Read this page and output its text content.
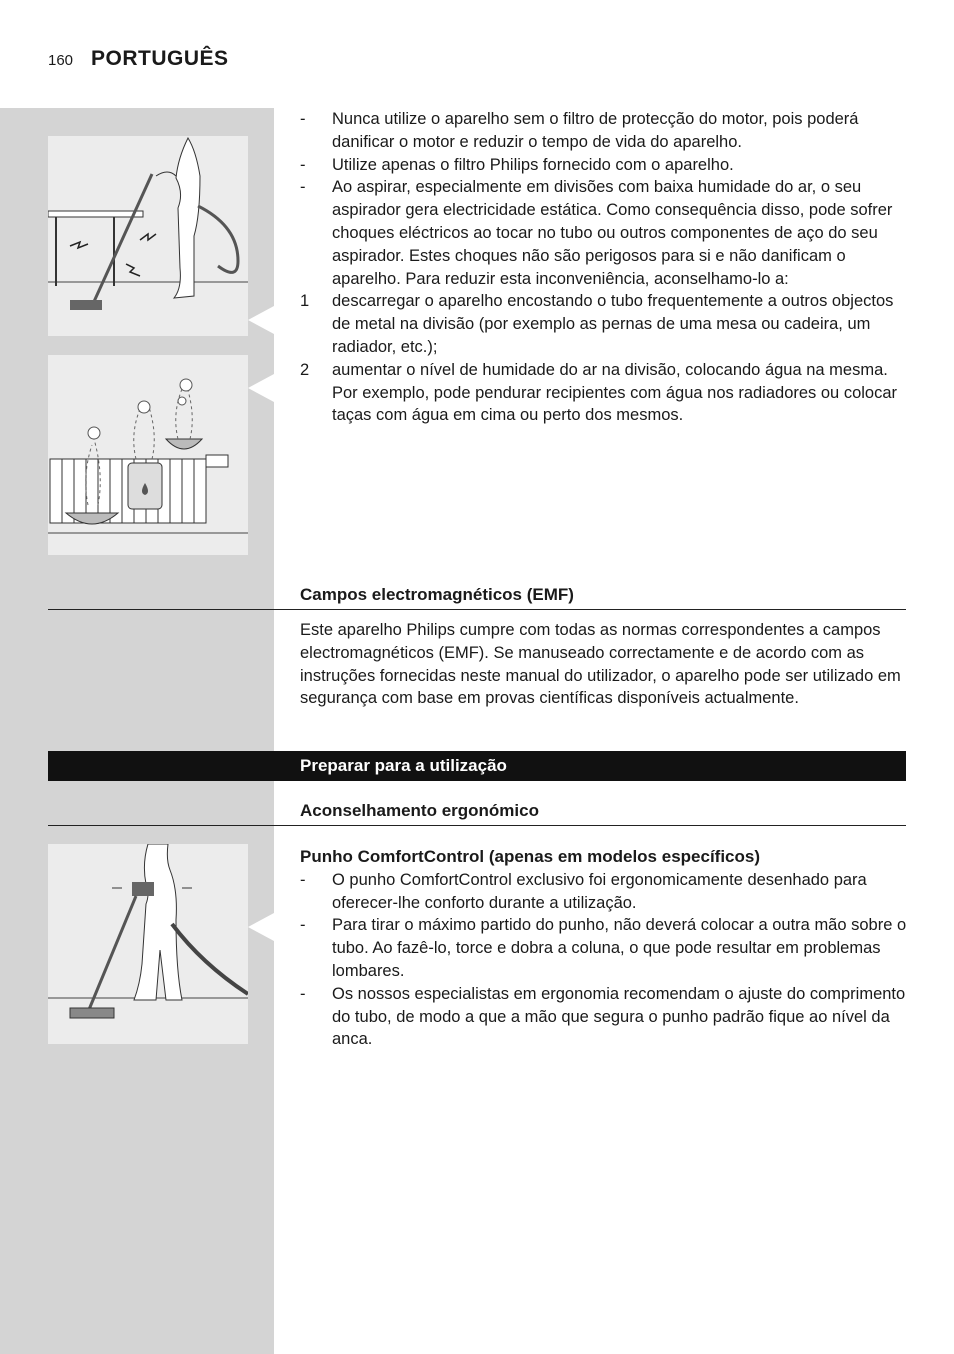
160 PORTUGUÊS
- Nunca utilize o aparelho sem o filtro de protecção do motor, pois poderá danificar o motor e reduzir o tempo de vida do aparelho.
- Utilize apenas o filtro Philips fornecido com o aparelho.
- Ao aspirar, especialmente em divisões com baixa humidade do ar, o seu aspirador gera electricidade estática. Como consequência disso, pode sofrer choques eléctricos ao tocar no tubo ou outros componentes de aço do seu aspirador. Estes choques não são perigosos para si e não danificam o aparelho. Para reduzir esta inconveniência, aconselhamo-lo a:
1 descarregar o aparelho encostando o tubo frequentemente a outros objectos de metal na divisão (por exemplo as pernas de uma mesa ou cadeira, um radiador, etc.);
2 aumentar o nível de humidade do ar na divisão, colocando água na mesma. Por exemplo, pode pendurar recipientes com água nos radiadores ou colocar taças com água em cima ou perto dos mesmos.
Campos electromagnéticos (EMF)
Este aparelho Philips cumpre com todas as normas correspondentes a campos electromagnéticos (EMF). Se manuseado correctamente e de acordo com as instruções fornecidas neste manual do utilizador, o aparelho pode ser utilizado em segurança com base em provas científicas disponíveis actualmente.
Preparar para a utilização
Aconselhamento ergonómico
Punho ComfortControl (apenas em modelos específicos)
- O punho ComfortControl exclusivo foi ergonomicamente desenhado para oferecer-lhe conforto durante a utilização.
- Para tirar o máximo partido do punho, não deverá colocar a outra mão sobre o tubo. Ao fazê-lo, torce e dobra a coluna, o que pode resultar em problemas lombares.
- Os nossos especialistas em ergonomia recomendam o ajuste do comprimento do tubo, de modo a que a mão que segura o punho padrão fique ao nível da anca.
